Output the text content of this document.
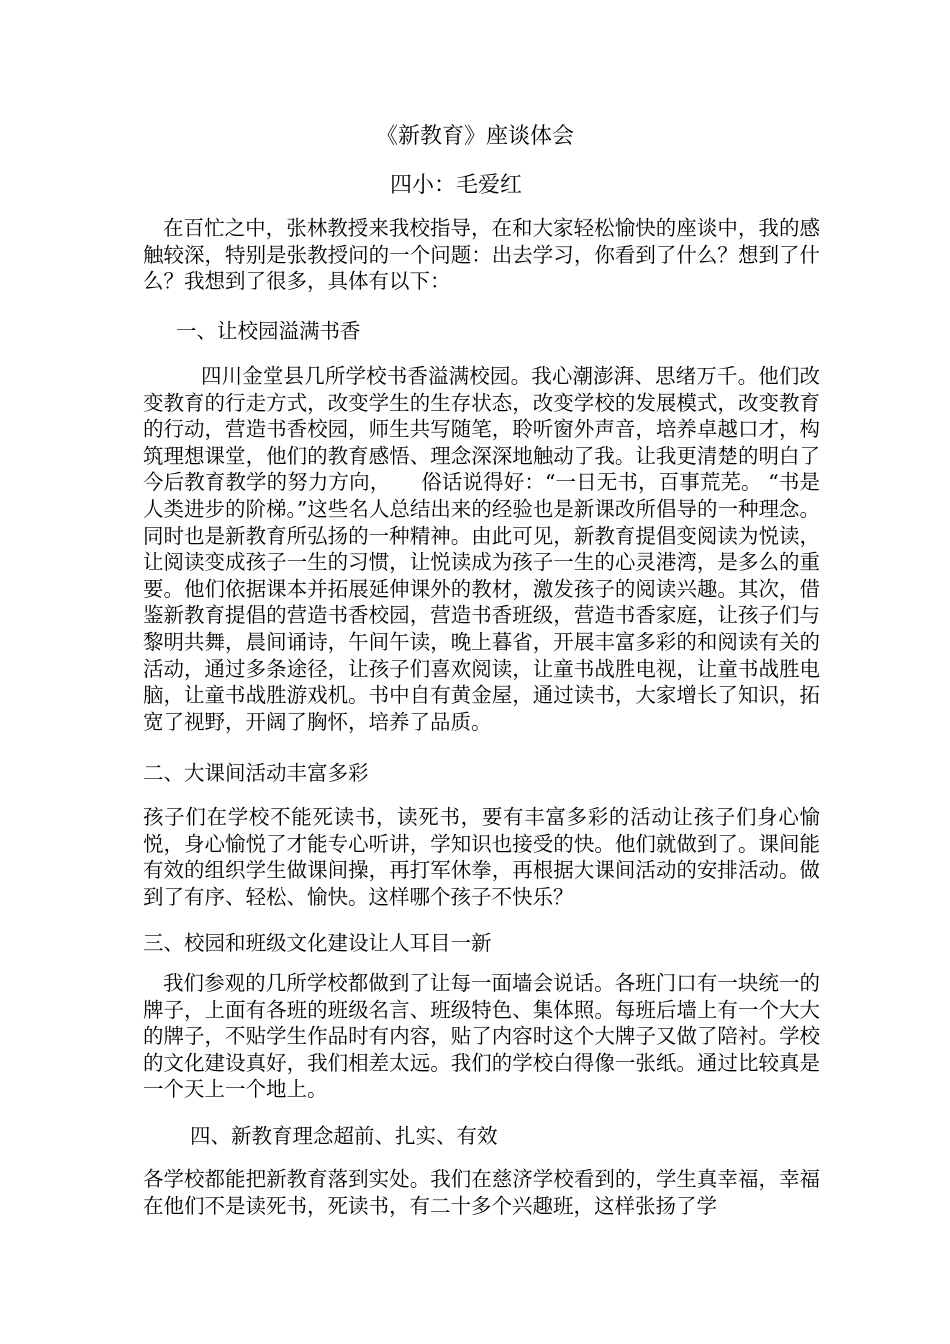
《新教育》座谈体会
四小：毛爱红
在百忙之中，张林教授来我校指导，在和大家轻松愉快的座谈中，我的感触较深，特别是张教授问的一个问题：出去学习，你看到了什么？想到了什么？我想到了很多，具体有以下：
一、让校园溢满书香
四川金堂县几所学校书香溢满校园。我心潮澎湃、思绪万千。他们改变教育的行走方式，改变学生的生存状态，改变学校的发展模式，改变教育的行动，营造书香校园，师生共写随笔，聆听窗外声音，培养卓越口才，构筑理想课堂，他们的教育感悟、理念深深地触动了我。让我更清楚的明白了今后教育教学的努力方向，　　俗话说得好：“一日无书，百事荒芜。 “书是人类进步的阶梯。”这些名人总结出来的经验也是新课改所倡导的一种理念。同时也是新教育所弘扬的一种精神。由此可见，新教育提倡变阅读为悦读，让阅读变成孩子一生的习惯，让悦读成为孩子一生的心灵港湾，是多么的重要。他们依据课本并拓展延伸课外的教材，激发孩子的阅读兴趣。其次，借鉴新教育提倡的营造书香校园，营造书香班级，营造书香家庭，让孩子们与黎明共舞，晨间诵诗，午间午读，晚上暮省，开展丰富多彩的和阅读有关的活动，通过多条途径，让孩子们喜欢阅读，让童书战胜电视，让童书战胜电脑，让童书战胜游戏机。书中自有黄金屋，通过读书，大家增长了知识，拓宽了视野，开阔了胸怀，培养了品质。
二、大课间活动丰富多彩
孩子们在学校不能死读书，读死书，要有丰富多彩的活动让孩子们身心愉悦，身心愉悦了才能专心听讲，学知识也接受的快。他们就做到了。课间能有效的组织学生做课间操，再打军休拳，再根据大课间活动的安排活动。做到了有序、轻松、愉快。这样哪个孩子不快乐？
三、校园和班级文化建设让人耳目一新
我们参观的几所学校都做到了让每一面墙会说话。各班门口有一块统一的牌子，上面有各班的班级名言、班级特色、集体照。每班后墙上有一个大大的牌子，不贴学生作品时有内容，贴了内容时这个大牌子又做了陪衬。学校的文化建设真好，我们相差太远。我们的学校白得像一张纸。通过比较真是一个天上一个地上。
四、新教育理念超前、扎实、有效
各学校都能把新教育落到实处。我们在慈济学校看到的，学生真幸福，幸福在他们不是读死书，死读书，有二十多个兴趣班，这样张扬了学
